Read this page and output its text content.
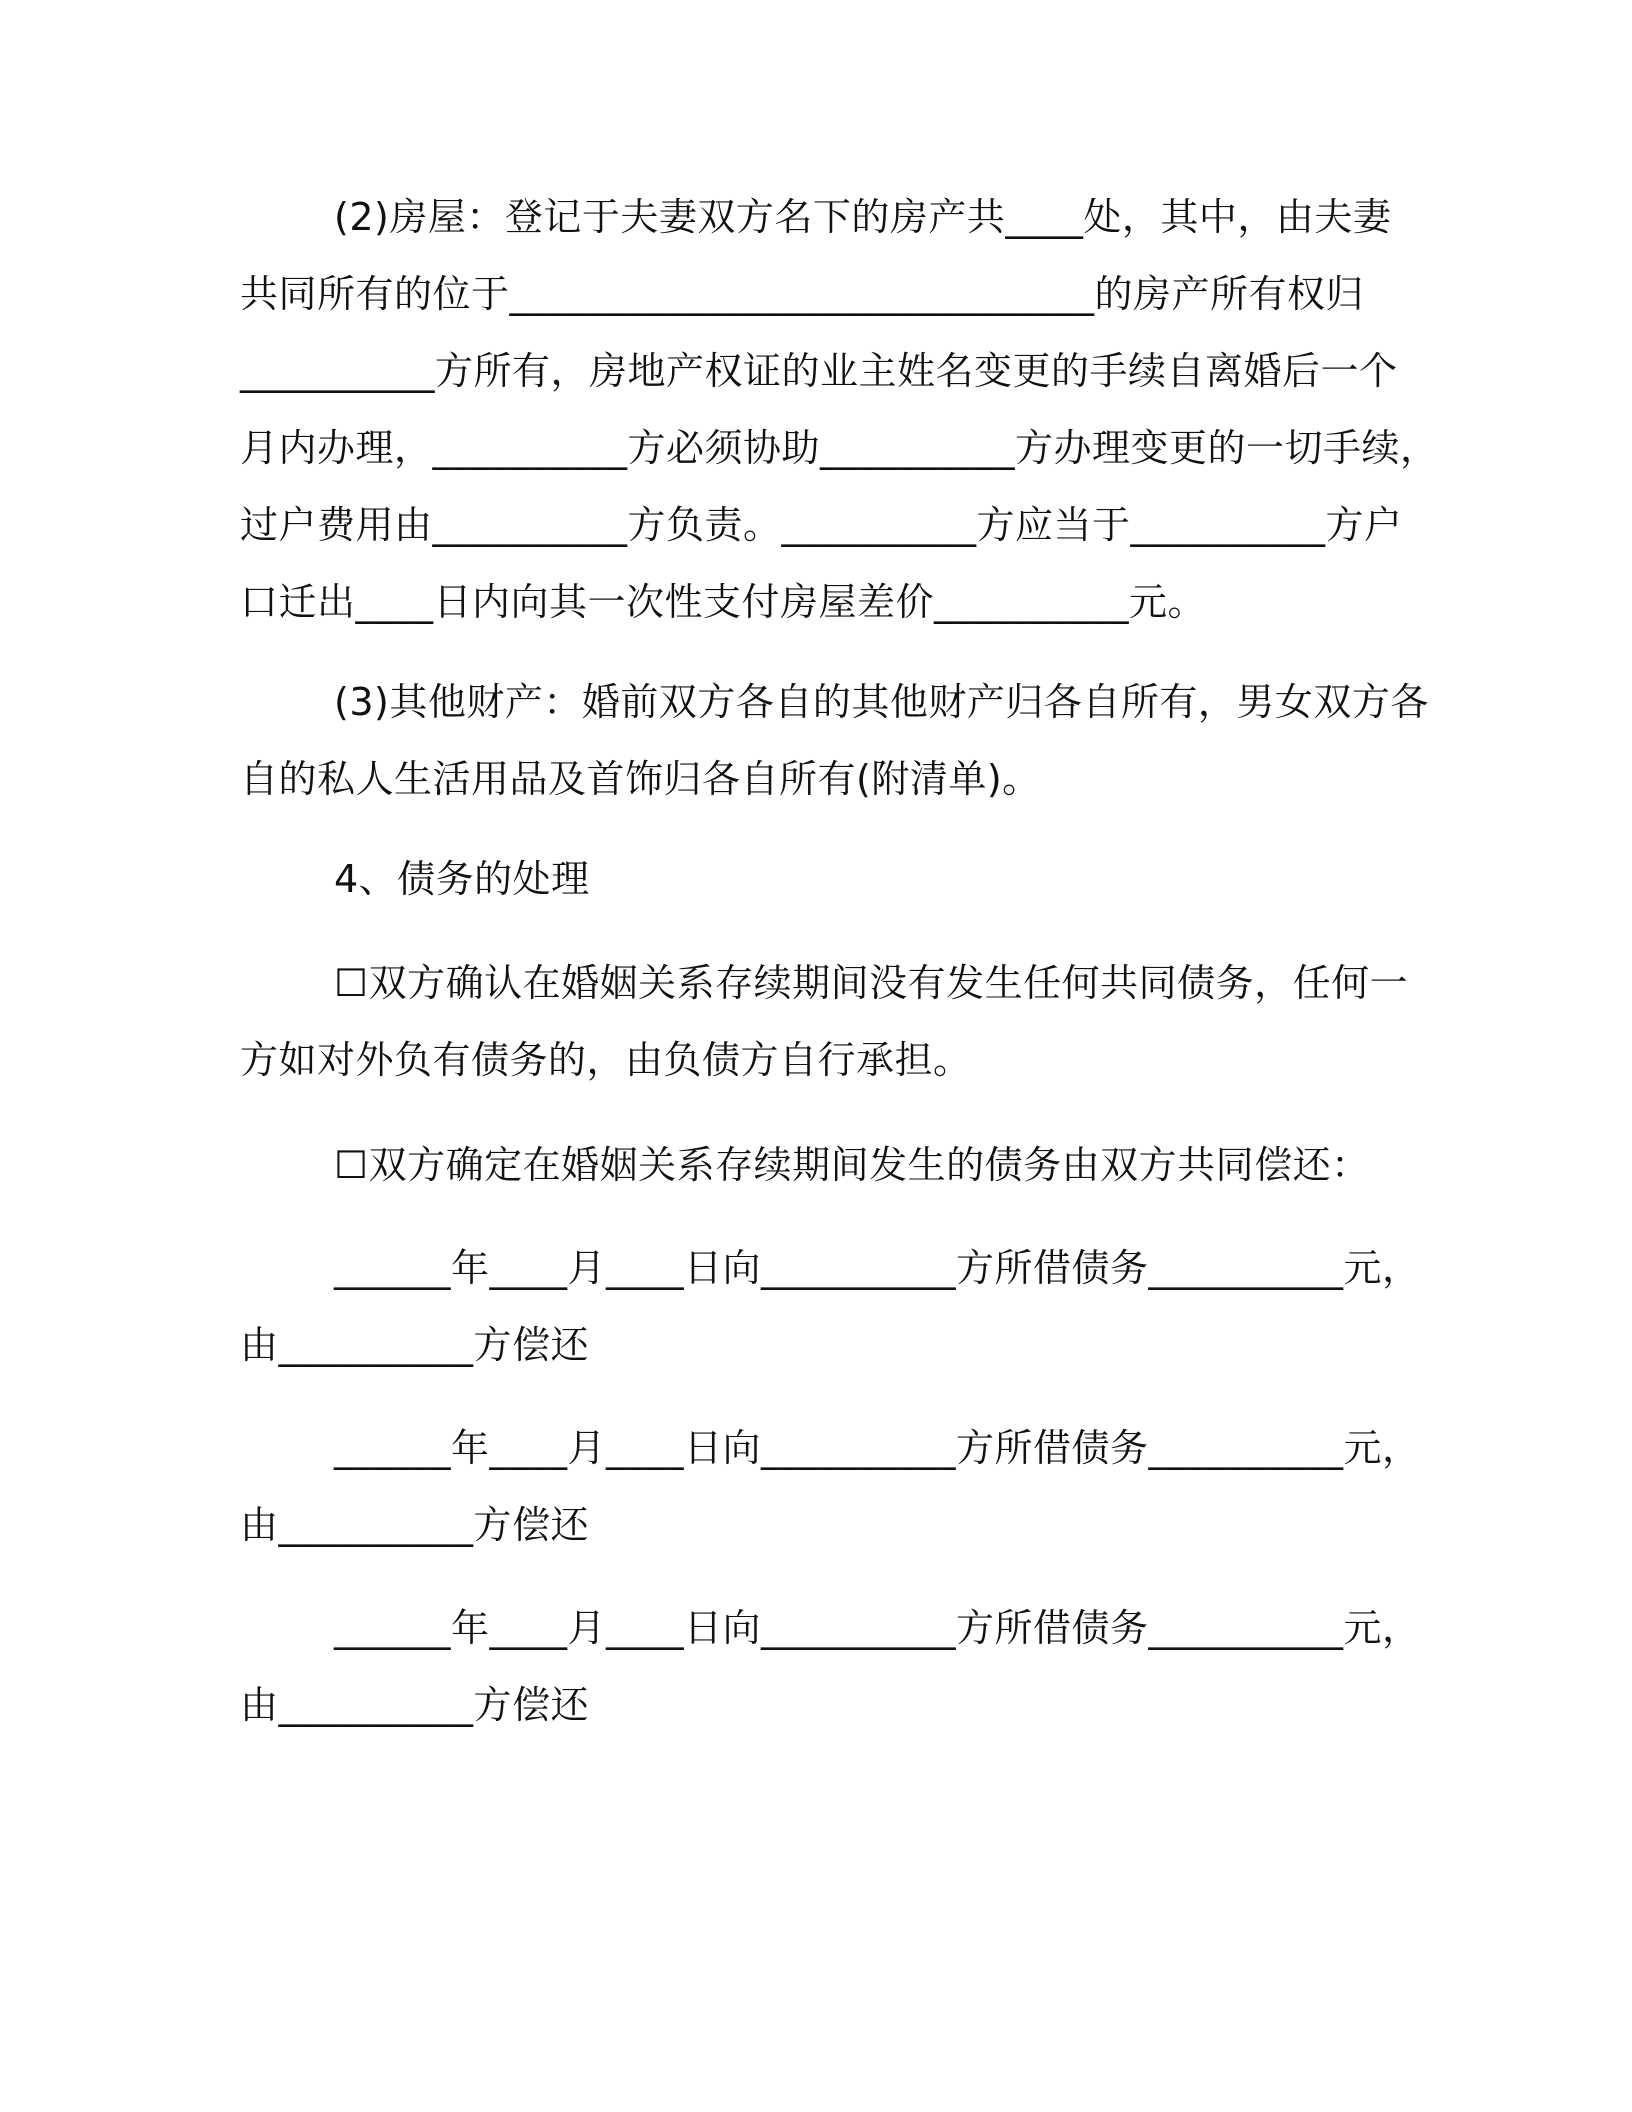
(2)房屋：登记于夫妻双方名下的房产共____处，其中，由夫妻
共同所有的位于______________________________的房产所有权归
__________方所有，房地产权证的业主姓名变更的手续自离婚后一个
月内办理，__________方必须协助__________方办理变更的一切手续，
过户费用由__________方负责。__________方应当于__________方户
口迁出____日内向其一次性支付房屋差价__________元。
(3)其他财产：婚前双方各自的其他财产归各自所有，男女双方各
自的私人生活用品及首饰归各自所有(附清单)。
4、债务的处理
☐双方确认在婚姻关系存续期间没有发生任何共同债务，任何一
方如对外负有债务的，由负债方自行承担。
☐双方确定在婚姻关系存续期间发生的债务由双方共同偿还：
______年____月____日向__________方所借债务__________元，
由__________方偿还
______年____月____日向__________方所借债务__________元，
由__________方偿还
______年____月____日向__________方所借债务__________元，
由__________方偿还
